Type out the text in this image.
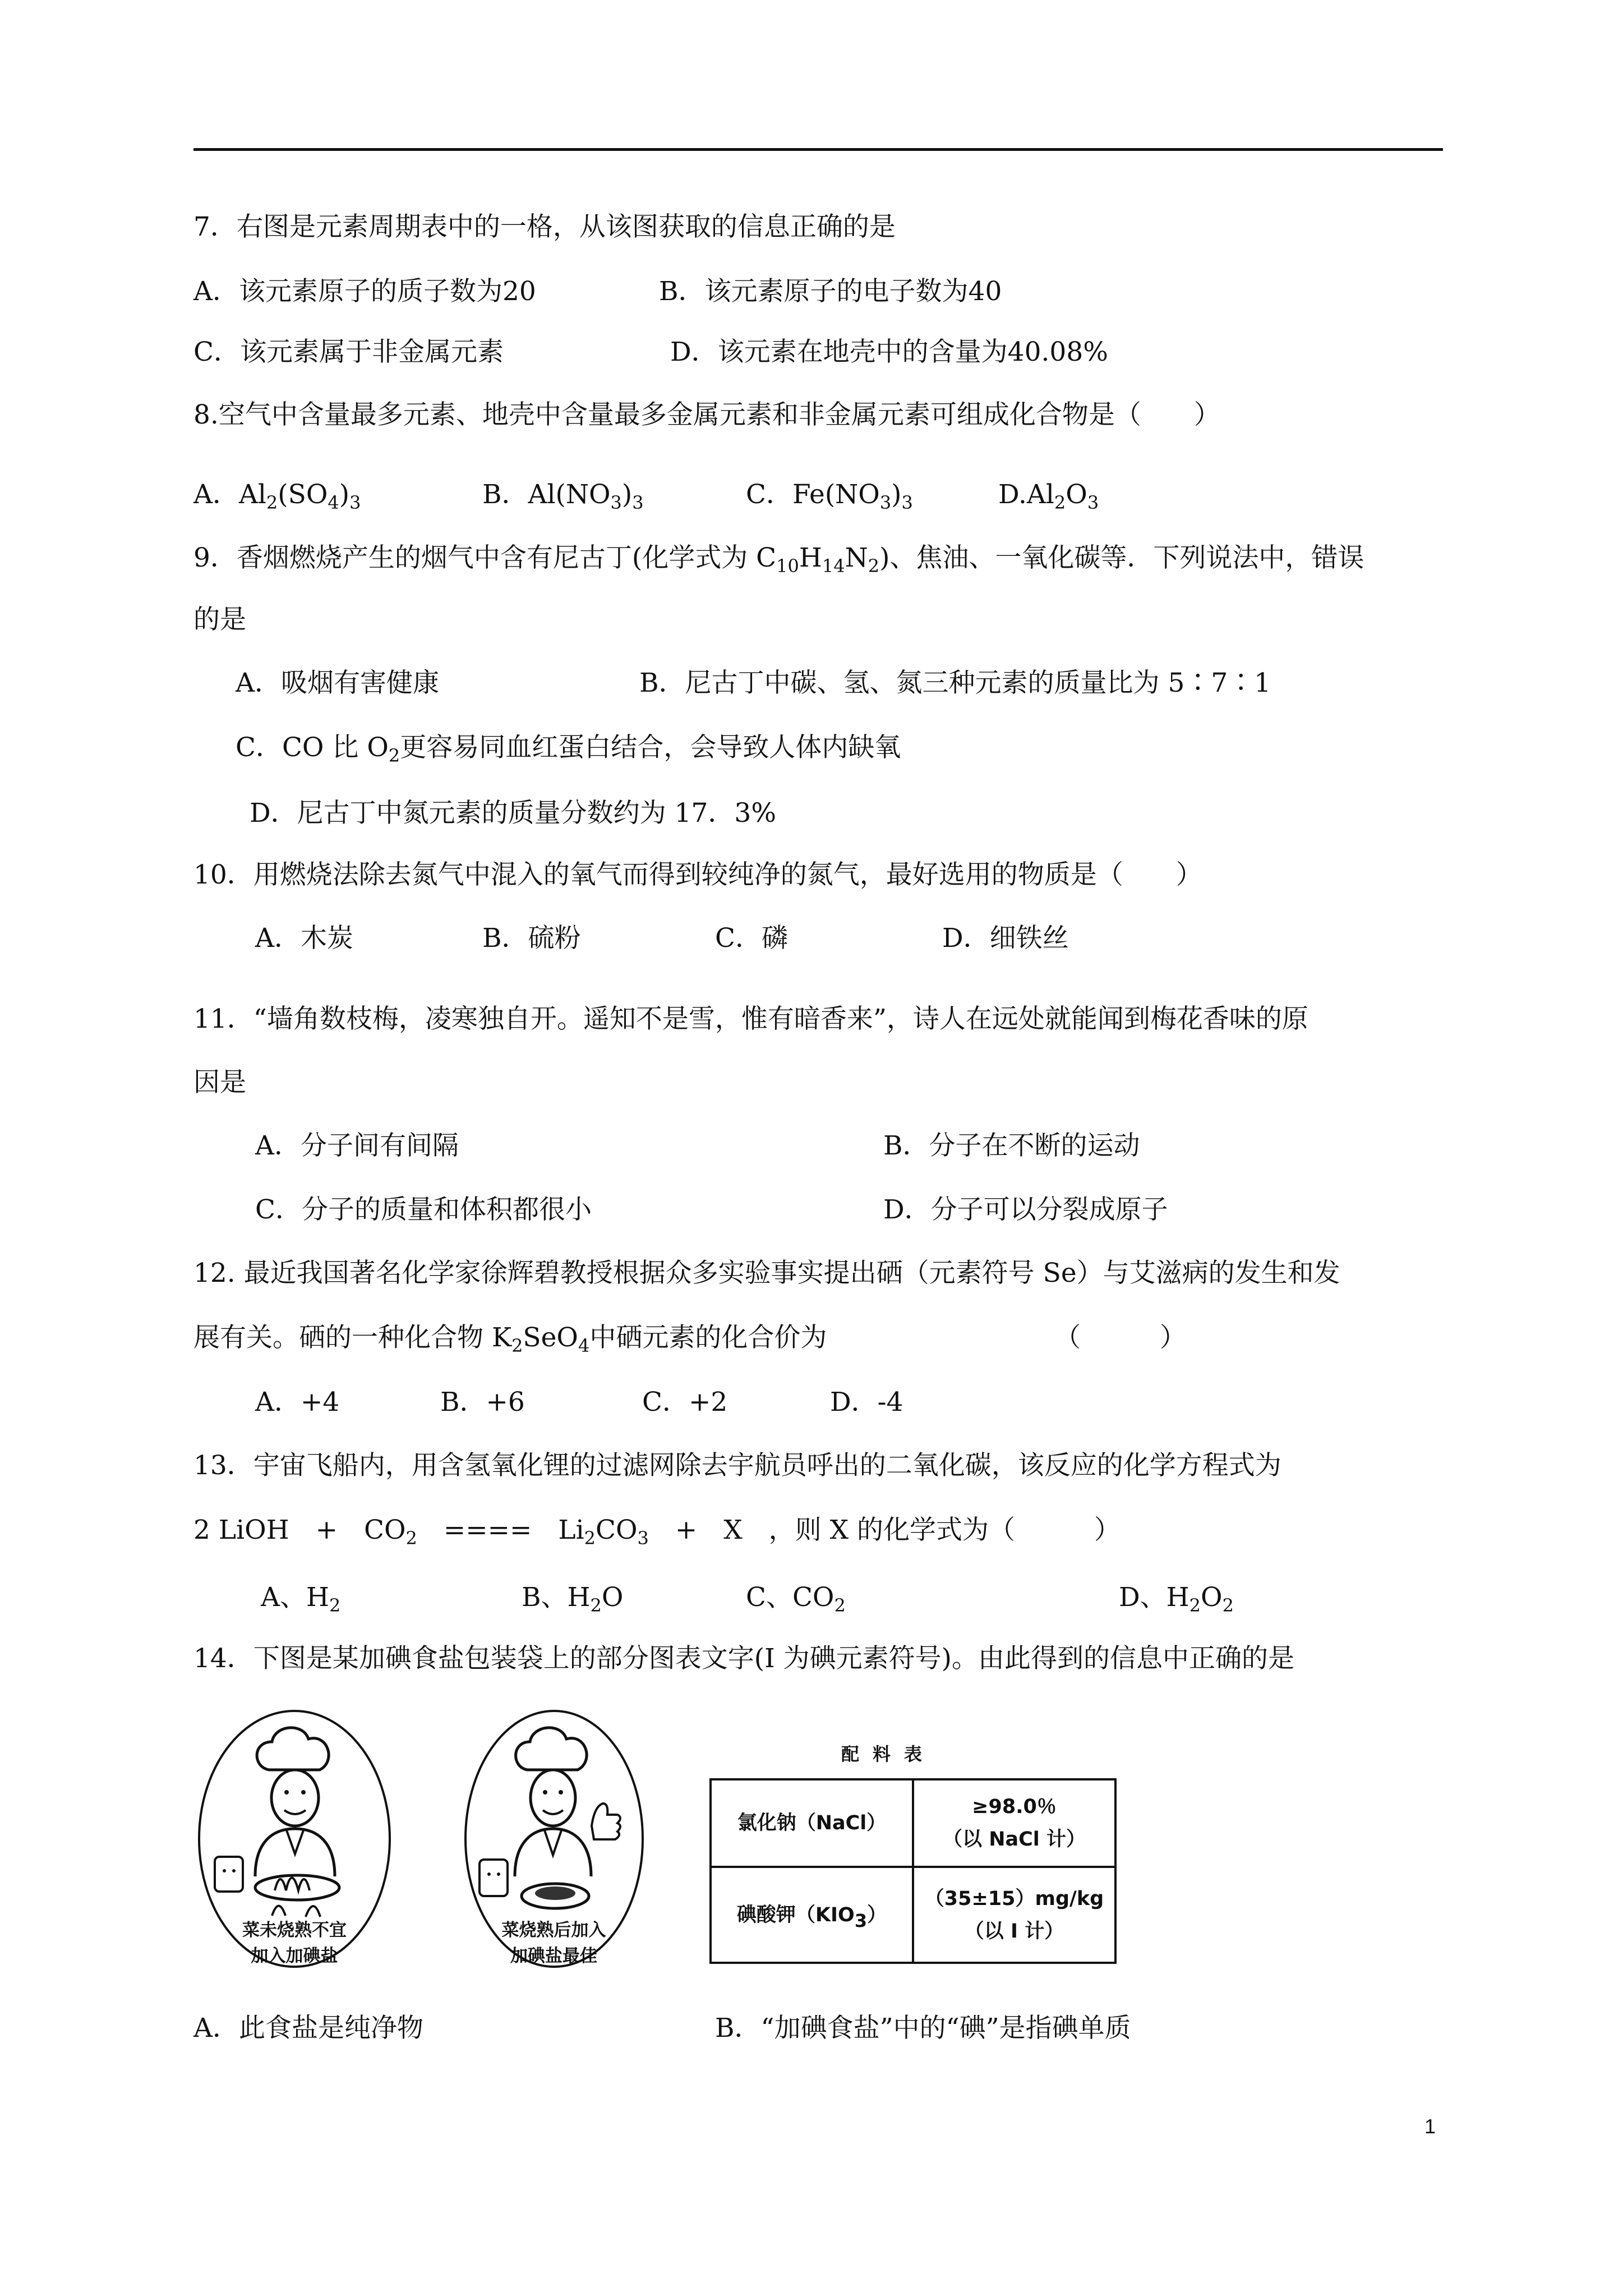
7．右图是元素周期表中的一格，从该图获取的信息正确的是
A．该元素原子的质子数为20	B．该元素原子的电子数为40
C．该元素属于非金属元素	D．该元素在地壳中的含量为40.08%
8.空气中含量最多元素、地壳中含量最多金属元素和非金属元素可组成化合物是（　　）
A．$Al_2(SO_4)_3$	B．$Al(NO_3)_3$	C．$Fe(NO_3)_3$	$D.Al_2O_3$
9．香烟燃烧产生的烟气中含有尼古丁(化学式为 $C_{10}H_{14}N_2$)、焦油、一氧化碳等．下列说法中，错误
的是
A．吸烟有害健康	B．尼古丁中碳、氢、氮三种元素的质量比为 5∶7∶1
C．CO 比 $O_2$更容易同血红蛋白结合，会导致人体内缺氧
D．尼古丁中氮元素的质量分数约为 17．3%
10．用燃烧法除去氮气中混入的氧气而得到较纯净的氮气，最好选用的物质是（　　）
A．木炭	B．硫粉	C．磷	D．细铁丝
11．“墙角数枝梅，凌寒独自开。遥知不是雪，惟有暗香来”，诗人在远处就能闻到梅花香味的原
因是
A．分子间有间隔	B．分子在不断的运动
C．分子的质量和体积都很小	D．分子可以分裂成原子
12. 最近我国著名化学家徐辉碧教授根据众多实验事实提出硒（元素符号 Se）与艾滋病的发生和发
展有关。硒的一种化合物 $K_2SeO_4$中硒元素的化合价为	（　　　）
A．+4	B．+6	C．+2	D．-4
13．宇宙飞船内，用含氢氧化锂的过滤网除去宇航员呼出的二氧化碳，该反应的化学方程式为
2 LiOH　+　$CO_2$　====　$Li_2CO_3$　+　X　，则 X 的化学式为（　　　）
A、$H_2$	B、$H_2O$	C、$CO_2$	D、$H_2O_2$
14．下图是某加碘食盐包装袋上的部分图表文字(I 为碘元素符号)。由此得到的信息中正确的是
菜未烧熟不宜
加入加碘盐
菜烧熟后加入
加碘盐最佳
配料表
氯化钠（NaCl）	≥98.0％
（以 NaCl 计）

碘酸钾$(KIO_3)$	（35±15）mg/kg
（以 I 计）
A．此食盐是纯净物	B．“加碘食盐”中的“碘”是指碘单质
1
